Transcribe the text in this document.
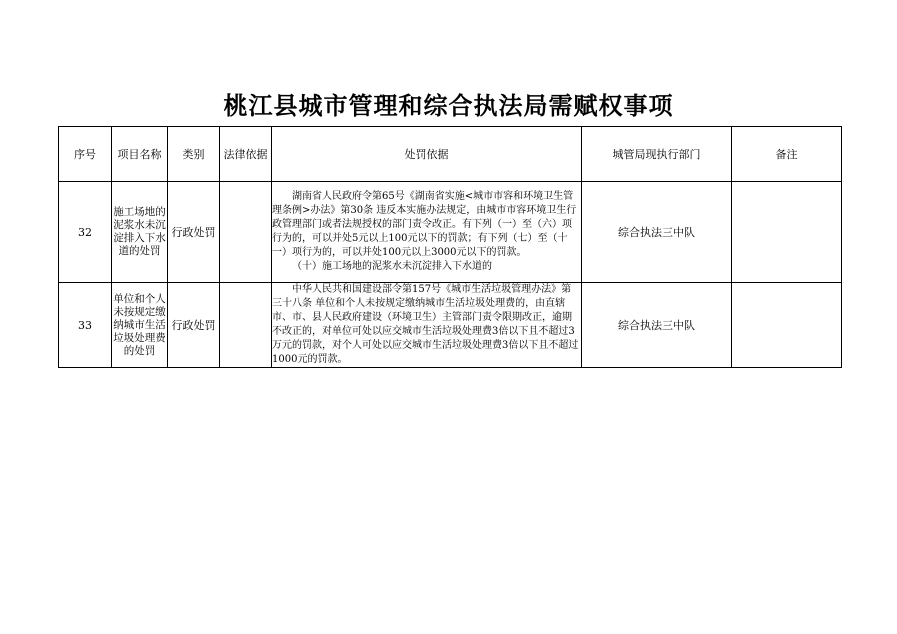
桃江县城市管理和综合执法局需赋权事项
序号	项目名称	类别	法律依据	处罚依据	城管局现执行部门	备注
32	施工场地的泥浆水未沉淀排入下水道的处罚	行政处罚		湖南省人民政府令第65号《湖南省实施<城市市容和环境卫生管理条例>办法》第30条 违反本实施办法规定，由城市市容环境卫生行政管理部门或者法规授权的部门责令改正。有下列（一）至（六）项行为的，可以并处5元以上100元以下的罚款；有下列（七）至（十一）项行为的，可以并处100元以上3000元以下的罚款。
（十）施工场地的泥浆水未沉淀排入下水道的	综合执法三中队	
33	单位和个人未按规定缴纳城市生活垃圾处理费的处罚	行政处罚		中华人民共和国建设部令第157号《城市生活垃圾管理办法》第三十八条 单位和个人未按规定缴纳城市生活垃圾处理费的，由直辖市、市、县人民政府建设（环境卫生）主管部门责令限期改正，逾期不改正的，对单位可处以应交城市生活垃圾处理费3倍以下且不超过3万元的罚款，对个人可处以应交城市生活垃圾处理费3倍以下且不超过1000元的罚款。	综合执法三中队	
